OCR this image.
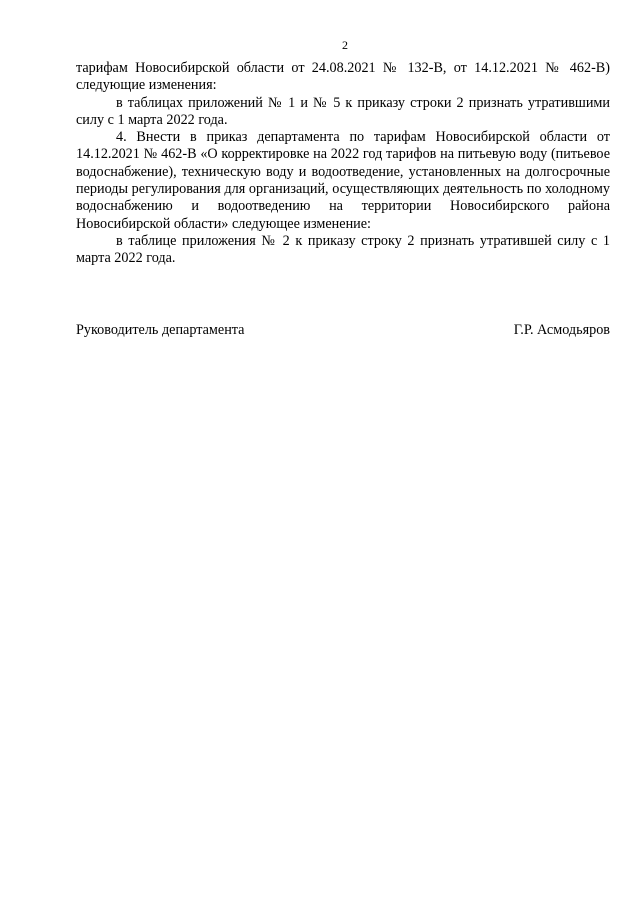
2

тарифам Новосибирской области от 24.08.2021 № 132-В, от 14.12.2021 № 462-В) следующие изменения:

в таблицах приложений № 1 и № 5 к приказу строки 2 признать утратившими силу с 1 марта 2022 года.

4. Внести в приказ департамента по тарифам Новосибирской области от 14.12.2021 № 462-В «О корректировке на 2022 год тарифов на питьевую воду (питьевое водоснабжение), техническую воду и водоотведение, установленных на долгосрочные периоды регулирования для организаций, осуществляющих деятельность по холодному водоснабжению и водоотведению на территории Новосибирского района Новосибирской области» следующее изменение:

в таблице приложения № 2 к приказу строку 2 признать утратившей силу с 1 марта 2022 года.

Руководитель департамента	Г.Р. Асмодьяров
